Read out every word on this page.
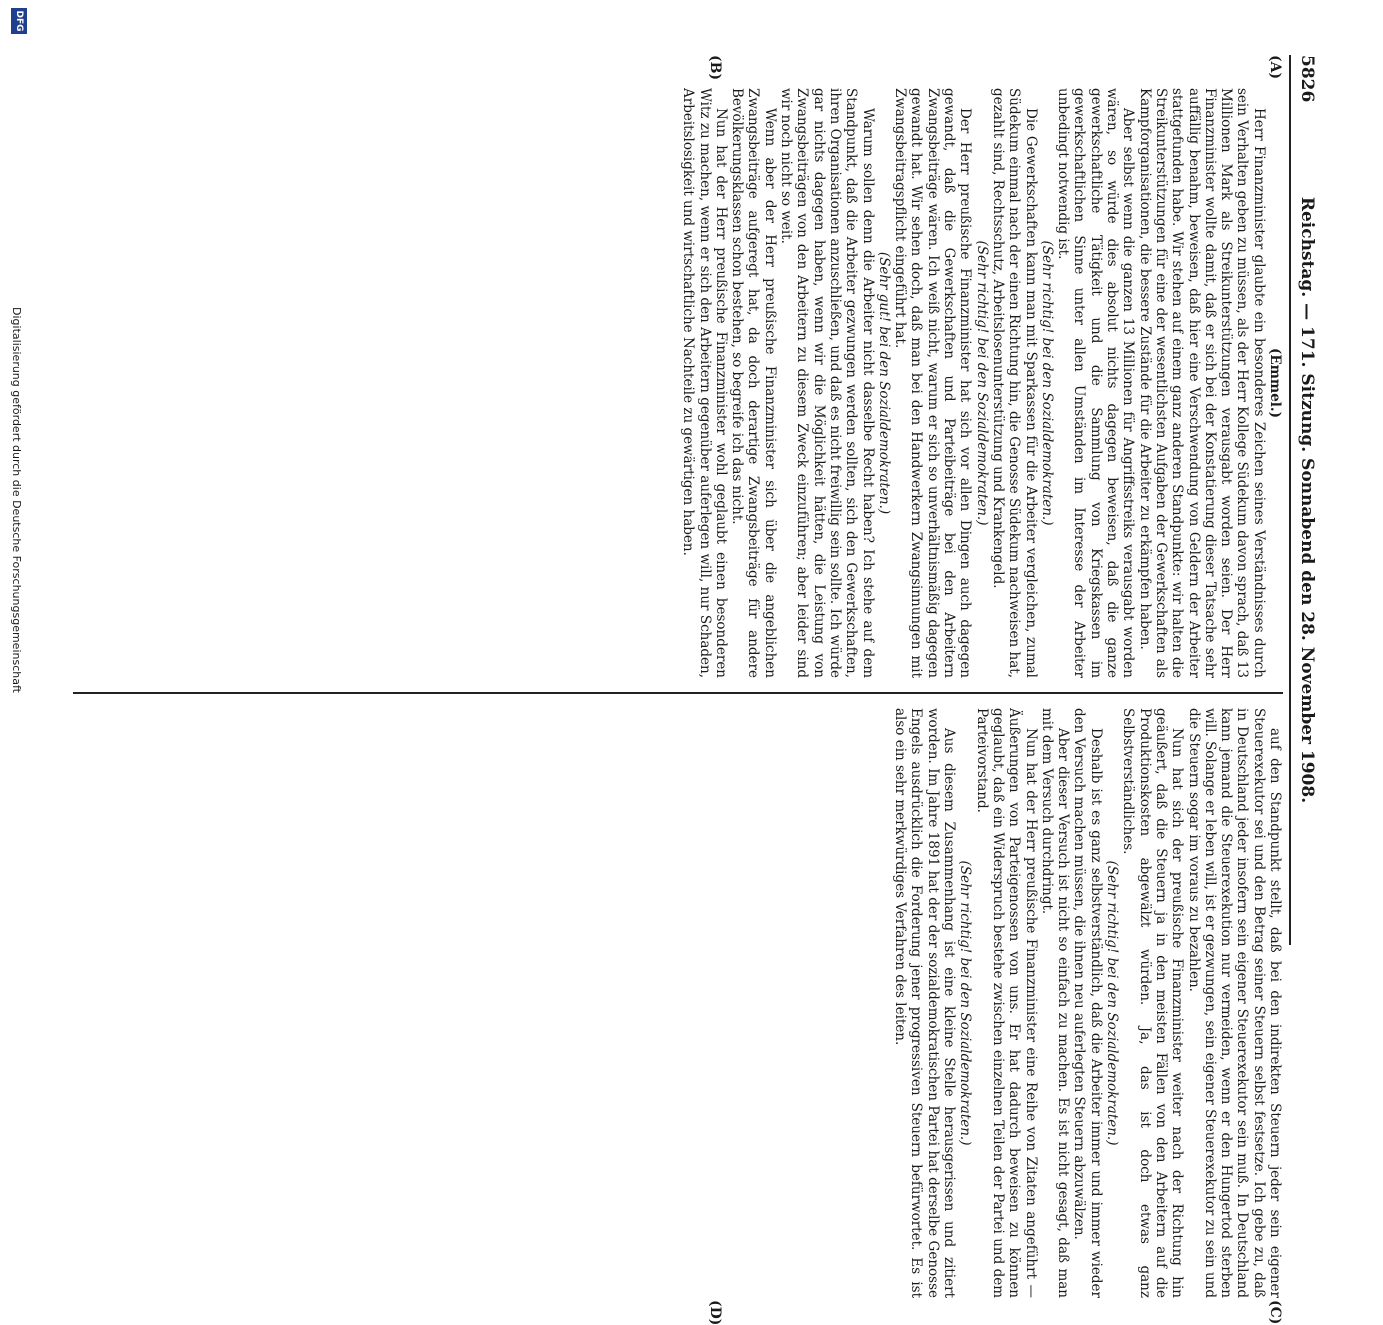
5826
Reichstag. — 171. Sitzung. Sonnabend den 28. November 1908.
(A)
(B)
(C)
(D)

(Emmel.)

Herr Finanzminister glaubte ein besonderes Zeichen seines Verständnisses durch sein Verhalten geben zu müssen, als der Herr Kollege Südekum davon sprach, daß 13 Millionen Mark als Streikunterstützungen verausgabt worden seien. Der Herr Finanzminister wollte damit, daß er sich bei der Konstatierung dieser Tatsache sehr auffällig benahm, beweisen, daß hier eine Verschwendung von Geldern der Arbeiter stattgefunden habe. Wir stehen auf einem ganz anderen Standpunkte: wir halten die Streikunterstützungen für eine der wesentlichsten Aufgaben der Gewerkschaften als Kampforganisationen, die bessere Zustände für die Arbeiter zu erkämpfen haben.

Aber selbst wenn die ganzen 13 Millionen für Angriffsstreiks verausgabt worden wären, so würde dies absolut nichts dagegen beweisen, daß die ganze gewerkschaftliche Tätigkeit und die Sammlung von Kriegskassen im gewerkschaftlichen Sinne unter allen Umständen im Interesse der Arbeiter unbedingt notwendig ist.

(Sehr richtig! bei den Sozialdemokraten.)

Die Gewerkschaften kann man mit Sparkassen für die Arbeiter vergleichen, zumal Südekum einmal nach der einen Richtung hin, die Genosse Südekum nachweisen hat, gezahlt sind, Rechtsschutz, Arbeitslosenunterstützung und Krankengeld.

(Sehr richtig! bei den Sozialdemokraten.)

Der Herr preußische Finanzminister hat sich vor allen Dingen auch dagegen gewandt, daß die Gewerkschaften und Parteibeiträge bei den Arbeitern Zwangsbeiträge wären. Ich weiß nicht, warum er sich so unverhältnismäßig dagegen gewandt hat. Wir sehen doch, daß man bei den Handwerkern Zwangsinnungen mit Zwangsbeitragspflicht eingeführt hat.

(Sehr gut! bei den Sozialdemokraten.)

Warum sollen denn die Arbeiter nicht dasselbe Recht haben? Ich stehe auf dem Standpunkt, daß die Arbeiter gezwungen werden sollten, sich den Gewerkschaften, ihren Organisationen anzuschließen, und daß es nicht freiwillig sein sollte. Ich würde gar nichts dagegen haben, wenn wir die Möglichkeit hätten, die Leistung von Zwangsbeiträgen von den Arbeitern zu diesem Zweck einzuführen; aber leider sind wir noch nicht so weit.

Wenn aber der Herr preußische Finanzminister sich über die angeblichen Zwangsbeiträge aufgeregt hat, da doch derartige Zwangsbeiträge für andere Bevölkerungsklassen schon bestehen, so begreife ich das nicht.

Nun hat der Herr preußische Finanzminister wohl geglaubt einen besonderen Witz zu machen, wenn er sich den Arbeitern gegenüber auferlegen will, nur Schaden, Arbeitslosigkeit und wirtschaftliche Nachteile zu gewärtigen haben.

auf den Standpunkt stellt, daß bei den indirekten Steuern jeder sein eigener Steuerexekutor sei und den Betrag seiner Steuern selbst festsetze. Ich gebe zu, daß in Deutschland jeder insofern sein eigener Steuerexekutor sein muß. In Deutschland kann jemand die Steuerexekution nur vermeiden, wenn er den Hungertod sterben will. Solange er leben will, ist er gezwungen, sein eigener Steuerexekutor zu sein und die Steuern sogar im voraus zu bezahlen.

Nun hat sich der preußische Finanzminister weiter nach der Richtung hin geäußert, daß die Steuern ja in den meisten Fällen von den Arbeitern auf die Produktionskosten abgewälzt würden. Ja, das ist doch etwas ganz Selbstverständliches.

(Sehr richtig! bei den Sozialdemokraten.)

Deshalb ist es ganz selbstverständlich, daß die Arbeiter immer und immer wieder den Versuch machen müssen, die ihnen neu auferlegten Steuern abzuwälzen.

Aber dieser Versuch ist nicht so einfach zu machen. Es ist nicht gesagt, daß man mit dem Versuch durchdringt.

Nun hat der Herr preußische Finanzminister eine Reihe von Zitaten angeführt — Äußerungen von Parteigenossen von uns. Er hat dadurch beweisen zu können geglaubt, daß ein Widerspruch bestehe zwischen einzelnen Teilen der Partei und dem Parteivorstand.

(Sehr richtig! bei den Sozialdemokraten.)

Aus diesem Zusammenhang ist eine kleine Stelle herausgerissen und zitiert worden. Im Jahre 1891 hat der der sozialdemokratischen Partei hat derselbe Genosse Engels ausdrücklich die Forderung jener progressiven Steuern befürwortet. Es ist also ein sehr merkwürdiges Verfahren des leiten.

DFG
Digitalisierung gefördert durch die Deutsche Forschungsgemeinschaft
